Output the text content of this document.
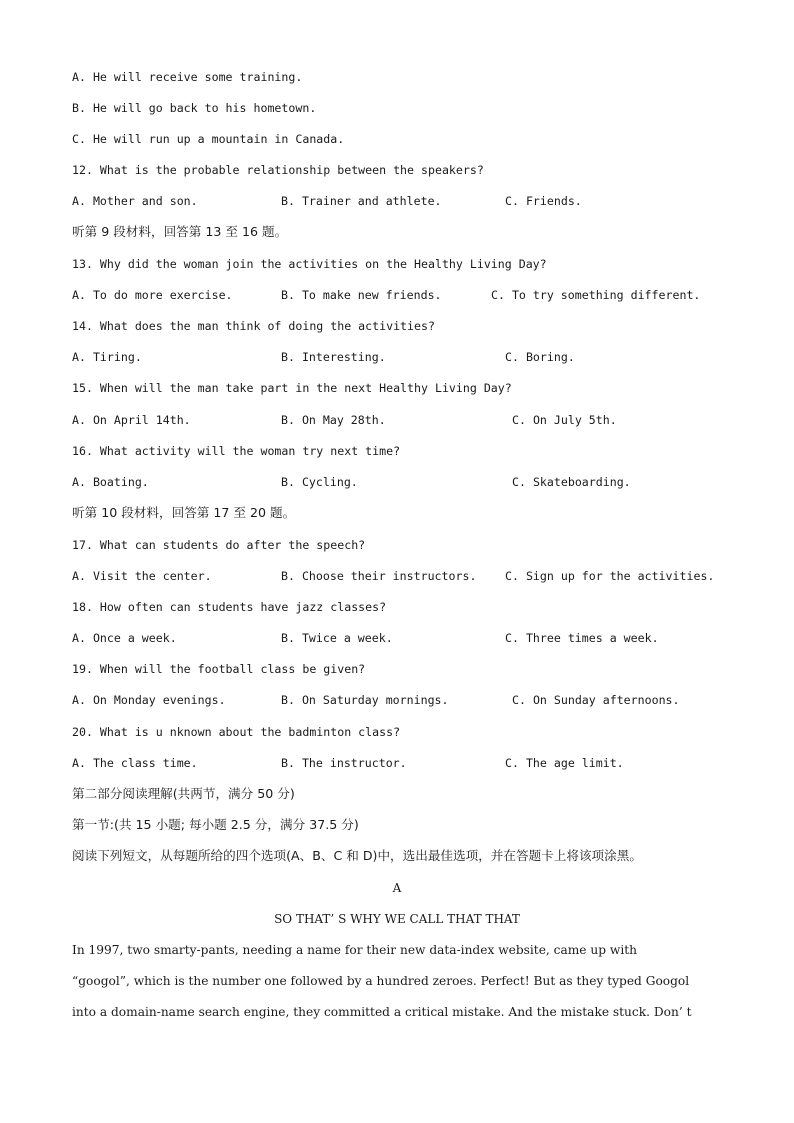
A. He will receive some training.
B. He will go back to his hometown.
C. He will run up a mountain in Canada.
12. What is the probable relationship between the speakers?
A. Mother and son.	B. Trainer and athlete.	C. Friends.
听第 9 段材料，回答第 13 至 16 题。
13. Why did the woman join the activities on the Healthy Living Day?
A. To do more exercise.	B. To make new friends.	C. To try something different.
14. What does the man think of doing the activities?
A. Tiring.	B. Interesting.	C. Boring.
15. When will the man take part in the next Healthy Living Day?
A. On April 14th.	B. On May 28th.	C. On July 5th.
16. What activity will the woman try next time?
A. Boating.	B. Cycling.	C. Skateboarding.
听第 10 段材料，回答第 17 至 20 题。
17. What can students do after the speech?
A. Visit the center.	B. Choose their instructors. C. Sign up for the activities.
18. How often can students have jazz classes?
A. Once a week.	B. Twice a week.	C. Three times a week.
19. When will the football class be given?
A. On Monday evenings.	B. On Saturday mornings.	C. On Sunday afternoons.
20. What is u nknown about the badminton class?
A. The class time.	B. The instructor.	C. The age limit.
第二部分阅读理解(共两节，满分 50 分)
第一节:(共 15 小题; 每小题 2.5 分，满分 37.5 分)
阅读下列短文，从每题所给的四个选项(A、B、C 和 D)中，选出最佳选项，并在答题卡上将该项涂黑。
A
SO THAT’ S WHY WE CALL THAT THAT
In 1997, two smarty-pants, needing a name for their new data-index website, came up with
“googol”, which is the number one followed by a hundred zeroes. Perfect! But as they typed Googol
into a domain-name search engine, they committed a critical mistake. And the mistake stuck. Don’ t
